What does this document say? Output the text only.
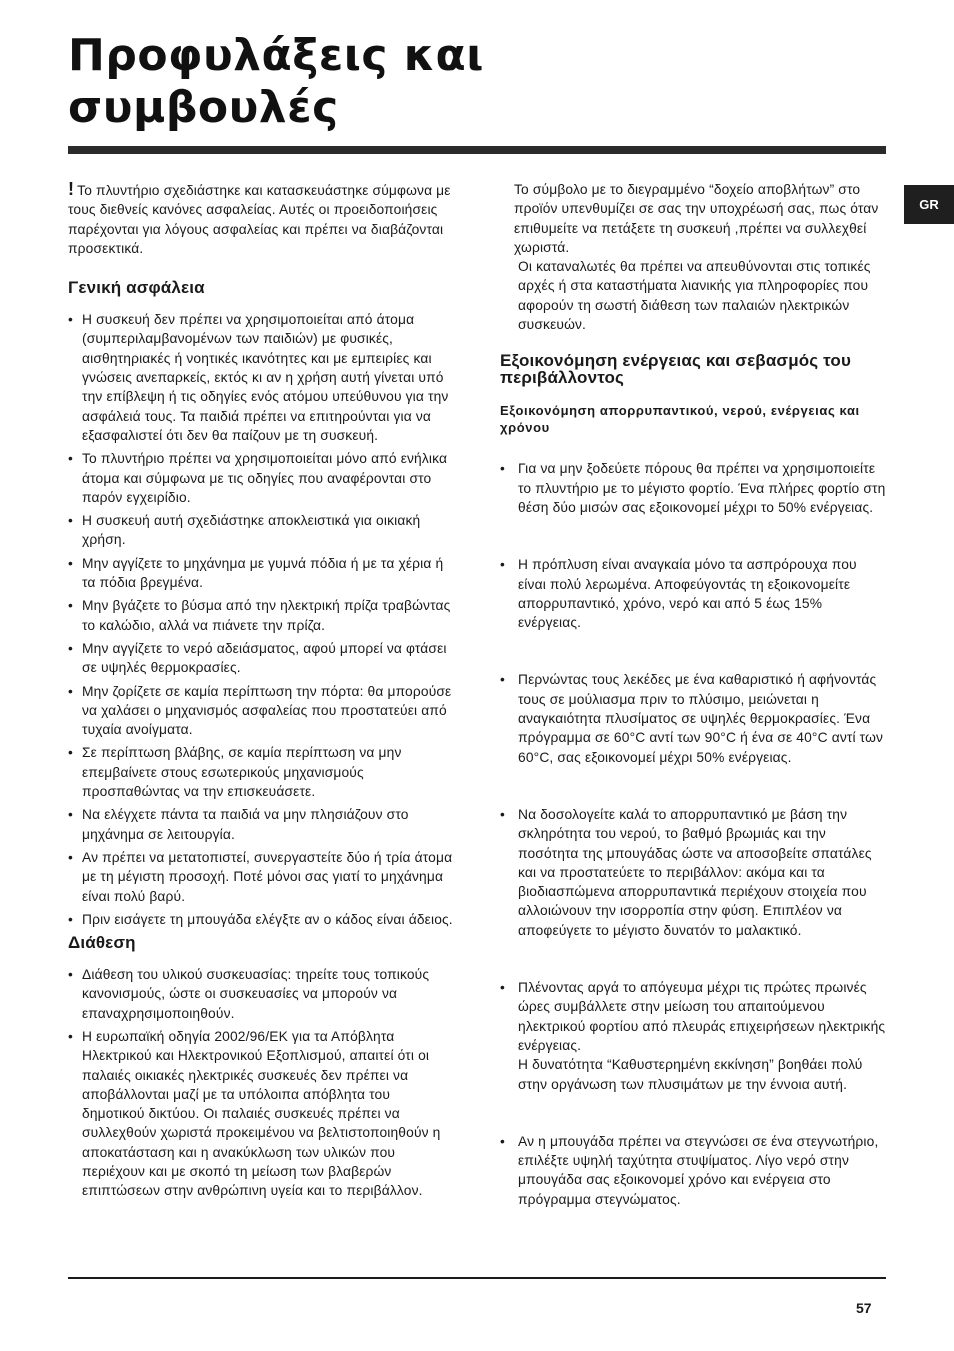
Προφυλάξεις και συμβουλές
GR

! Το πλυντήριο σχεδιάστηκε και κατασκευάστηκε σύμφωνα με τους διεθνείς κανόνες ασφαλείας. Αυτές οι προειδοποιήσεις παρέχονται για λόγους ασφαλείας και πρέπει να διαβάζονται προσεκτικά.

Γενική ασφάλεια
• Η συσκευή δεν πρέπει να χρησιμοποιείται από άτομα (συμπεριλαμβανομένων των παιδιών) με φυσικές, αισθητηριακές ή νοητικές ικανότητες και με εμπειρίες και γνώσεις ανεπαρκείς, εκτός κι αν η χρήση αυτή γίνεται υπό την επίβλεψη ή τις οδηγίες ενός ατόμου υπεύθυνου για την ασφάλειά τους. Τα παιδιά πρέπει να επιτηρούνται για να εξασφαλιστεί ότι δεν θα παίζουν με τη συσκευή.
• Το πλυντήριο πρέπει να χρησιμοποιείται μόνο από ενήλικα άτομα και σύμφωνα με τις οδηγίες που αναφέρονται στο παρόν εγχειρίδιο.
• Η συσκευή αυτή σχεδιάστηκε αποκλειστικά για οικιακή χρήση.
• Μην αγγίζετε το μηχάνημα με γυμνά πόδια ή με τα χέρια ή τα πόδια βρεγμένα.
• Μην βγάζετε το βύσμα από την ηλεκτρική πρίζα τραβώντας το καλώδιο, αλλά να πιάνετε την πρίζα.
• Μην αγγίζετε το νερό αδειάσματος, αφού μπορεί να φτάσει σε υψηλές θερμοκρασίες.
• Μην ζορίζετε σε καμία περίπτωση την πόρτα: θα μπορούσε να χαλάσει ο μηχανισμός ασφαλείας που προστατεύει από τυχαία ανοίγματα.
• Σε περίπτωση βλάβης, σε καμία περίπτωση να μην επεμβαίνετε στους εσωτερικούς μηχανισμούς προσπαθώντας να την επισκευάσετε.
• Να ελέγχετε πάντα τα παιδιά να μην πλησιάζουν στο μηχάνημα σε λειτουργία.
• Αν πρέπει να μετατοπιστεί, συνεργαστείτε δύο ή τρία άτομα με τη μέγιστη προσοχή. Ποτέ μόνοι σας γιατί το μηχάνημα είναι πολύ βαρύ.
• Πριν εισάγετε τη μπουγάδα ελέγξτε αν ο κάδος είναι άδειος.
Διάθεση
• Διάθεση του υλικού συσκευασίας: τηρείτε τους τοπικούς κανονισμούς, ώστε οι συσκευασίες να μπορούν να επαναχρησιμοποιηθούν.
• Η ευρωπαϊκή οδηγία 2002/96/ΕΚ για τα Απόβλητα Ηλεκτρικού και Ηλεκτρονικού Εξοπλισμού, απαιτεί ότι οι παλαιές οικιακές ηλεκτρικές συσκευές δεν πρέπει να αποβάλλονται μαζί με τα υπόλοιπα απόβλητα του δημοτικού δικτύου. Οι παλαιές συσκευές πρέπει να συλλεχθούν χωριστά προκειμένου να βελτιστοποιηθούν η αποκατάσταση και η ανακύκλωση των υλικών που περιέχουν και με σκοπό τη μείωση των βλαβερών επιπτώσεων στην ανθρώπινη υγεία και το περιβάλλον.

Το σύμβολο με το διεγραμμένο “δοχείο αποβλήτων” στο προϊόν υπενθυμίζει σε σας την υποχρέωσή σας, πως όταν επιθυμείτε να πετάξετε τη συσκευή ,πρέπει να συλλεχθεί χωριστά.
Οι καταναλωτές θα πρέπει να απευθύνονται στις τοπικές αρχές ή στα καταστήματα λιανικής για πληροφορίες που αφορούν τη σωστή διάθεση των παλαιών ηλεκτρικών συσκευών.

Εξοικονόμηση ενέργειας και σεβασμός του περιβάλλοντος
Εξοικονόμηση απορρυπαντικού, νερού, ενέργειας και χρόνου
• Για να μην ξοδεύετε πόρους θα πρέπει να χρησιμοποιείτε το πλυντήριο με το μέγιστο φορτίο. Ένα πλήρες φορτίο στη θέση δύο μισών σας εξοικονομεί μέχρι το 50% ενέργειας.
• Η πρόπλυση είναι αναγκαία μόνο τα ασπρόρουχα που είναι πολύ λερωμένα. Αποφεύγοντάς τη εξοικονομείτε απορρυπαντικό, χρόνο, νερό και από 5 έως 15% ενέργειας.
• Περνώντας τους λεκέδες με ένα καθαριστικό ή αφήνοντάς τους σε μούλιασμα πριν το πλύσιμο, μειώνεται η αναγκαιότητα πλυσίματος σε υψηλές θερμοκρασίες. Ένα πρόγραμμα σε 60°C αντί των 90°C ή ένα σε 40°C αντί των 60°C, σας εξοικονομεί μέχρι 50% ενέργειας.
• Να δοσολογείτε καλά το απορρυπαντικό με βάση την σκληρότητα του νερού, το βαθμό βρωμιάς και την ποσότητα της μπουγάδας ώστε να αποσοβείτε σπατάλες και να προστατεύετε το περιβάλλον: ακόμα και τα βιοδιασπώμενα απορρυπαντικά περιέχουν στοιχεία που αλλοιώνουν την ισορροπία στην φύση. Επιπλέον να αποφεύγετε το μέγιστο δυνατόν το μαλακτικό.
• Πλένοντας αργά το απόγευμα μέχρι τις πρώτες πρωινές ώρες συμβάλλετε στην μείωση του απαιτούμενου ηλεκτρικού φορτίου από πλευράς επιχειρήσεων ηλεκτρικής ενέργειας.
Η δυνατότητα “Καθυστερημένη εκκίνηση” βοηθάει πολύ στην οργάνωση των πλυσιμάτων με την έννοια αυτή.
• Αν η μπουγάδα πρέπει να στεγνώσει σε ένα στεγνωτήριο, επιλέξτε υψηλή ταχύτητα στυψίματος. Λίγο νερό στην μπουγάδα σας εξοικονομεί χρόνο και ενέργεια στο πρόγραμμα στεγνώματος.
57
